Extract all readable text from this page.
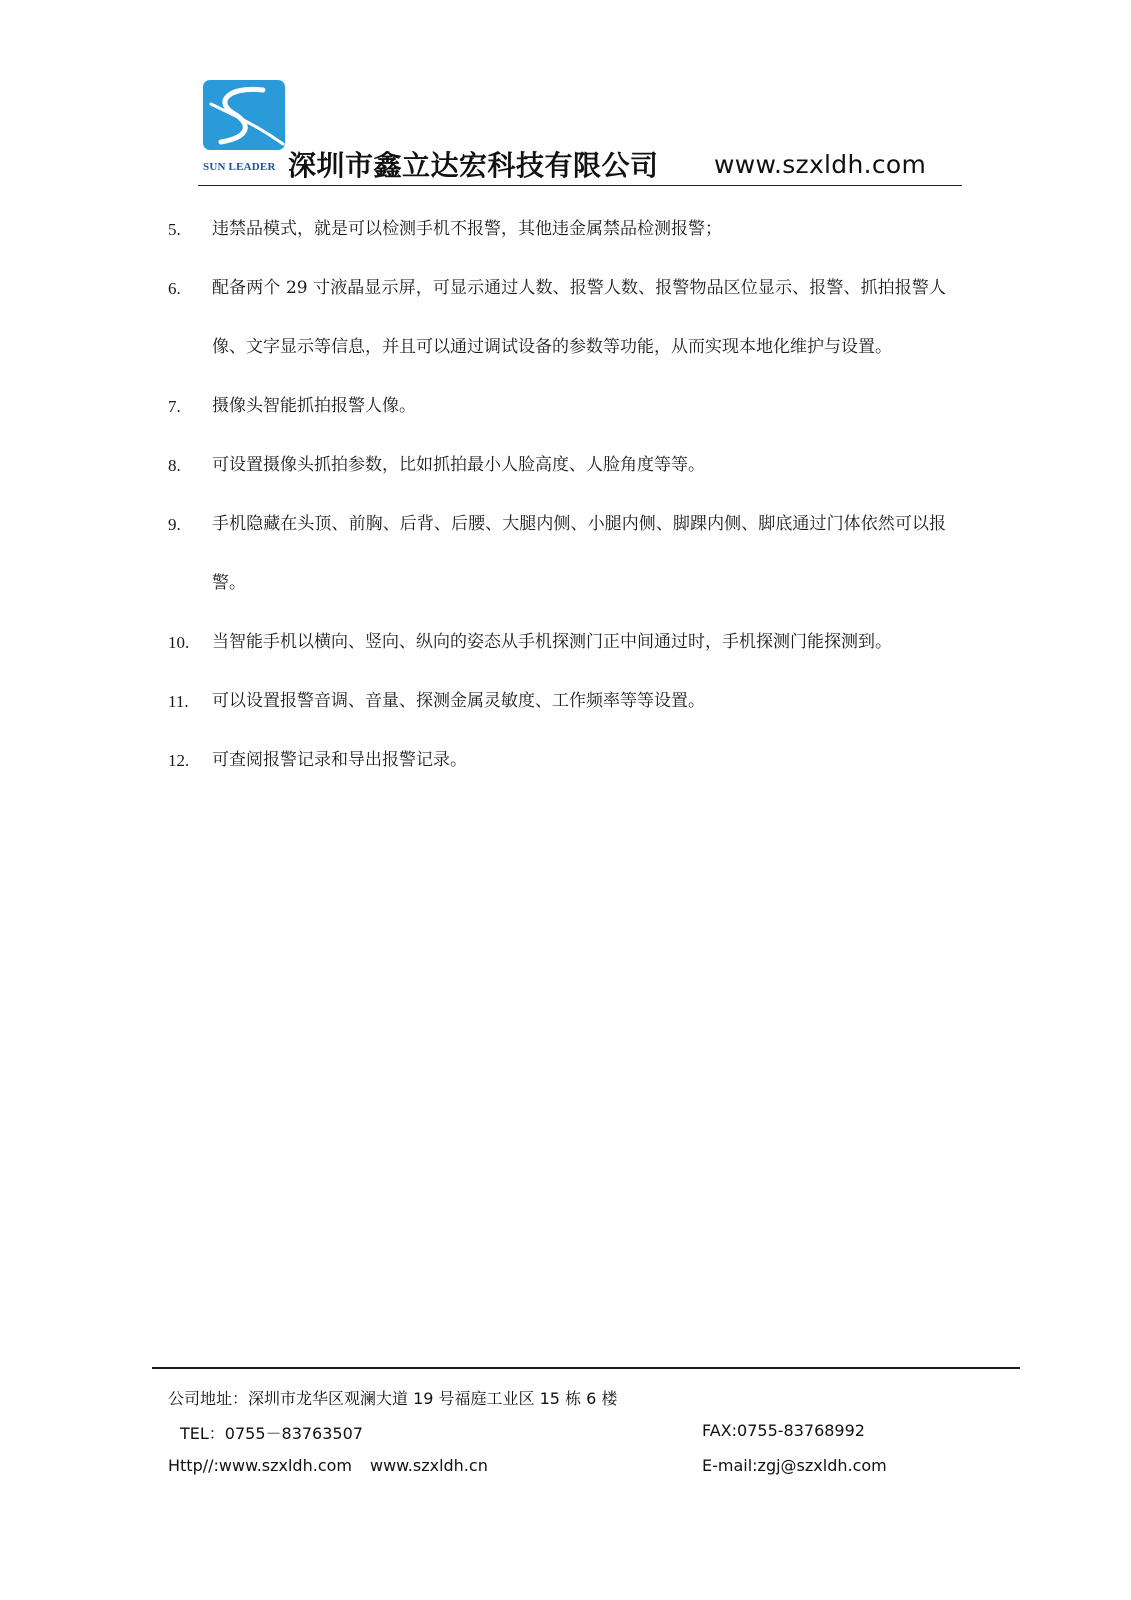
SUN LEADER 深圳市鑫立达宏科技有限公司 www.szxldh.com
5.	违禁品模式，就是可以检测手机不报警，其他违金属禁品检测报警；
6.	配备两个 29 寸液晶显示屏，可显示通过人数、报警人数、报警物品区位显示、报警、抓拍报警人像、文字显示等信息，并且可以通过调试设备的参数等功能，从而实现本地化维护与设置。
7.	摄像头智能抓拍报警人像。
8.	可设置摄像头抓拍参数，比如抓拍最小人脸高度、人脸角度等等。
9.	手机隐藏在头顶、前胸、后背、后腰、大腿内侧、小腿内侧、脚踝内侧、脚底通过门体依然可以报警。
10.	当智能手机以横向、竖向、纵向的姿态从手机探测门正中间通过时，手机探测门能探测到。
11.	可以设置报警音调、音量、探测金属灵敏度、工作频率等等设置。
12.	可查阅报警记录和导出报警记录。
公司地址：深圳市龙华区观澜大道 19 号福庭工业区 15 栋 6 楼
TEL：0755－83763507	FAX:0755-83768992
Http//:www.szxldh.com www.szxldh.cn	E-mail:zgj@szxldh.com
